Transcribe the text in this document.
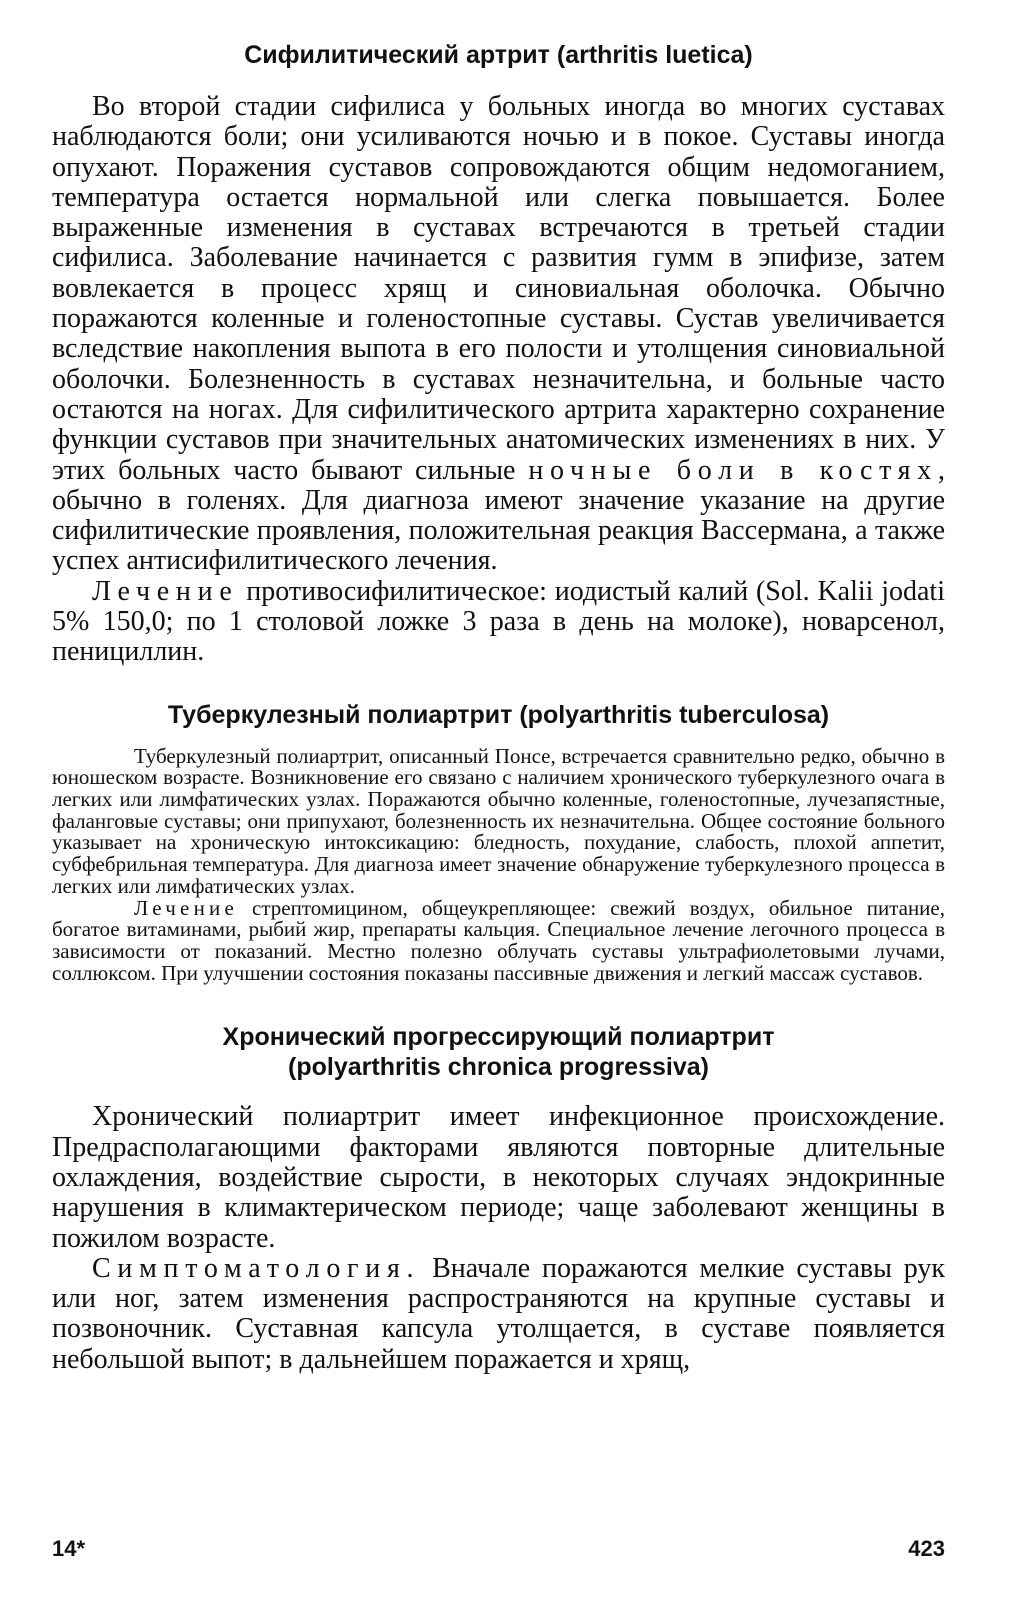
Сифилитический артрит (arthritis luetica)

Во второй стадии сифилиса у больных иногда во многих суставах наблюдаются боли; они усиливаются ночью и в покое. Суставы иногда опухают. Поражения суставов сопровождаются общим недомоганием, температура остается нормальной или слегка повышается. Более выраженные изменения в суставах встречаются в третьей стадии сифилиса. Заболевание начинается с развития гумм в эпифизе, затем вовлекается в процесс хрящ и синовиальная оболочка. Обычно поражаются коленные и голеностопные суставы. Сустав увеличивается вследствие накопления выпота в его полости и утолщения синовиальной оболочки. Болезненность в суставах незначительна, и больные часто остаются на ногах. Для сифилитического артрита характерно сохранение функции суставов при значительных анатомических изменениях в них. У этих больных часто бывают сильные ночные боли в костях, обычно в голенях. Для диагноза имеют значение указание на другие сифилитические проявления, положительная реакция Вассермана, а также успех антисифилитического лечения.

Лечение противосифилитическое: иодистый калий (Sol. Kalii jodati 5% 150,0; по 1 столовой ложке 3 раза в день на молоке), новарсенол, пенициллин.

Туберкулезный полиартрит (polyarthritis tuberculosa)

Туберкулезный полиартрит, описанный Понсе, встречается сравнительно редко, обычно в юношеском возрасте. Возникновение его связано с наличием хронического туберкулезного очага в легких или лимфатических узлах. Поражаются обычно коленные, голеностопные, лучезапястные, фаланговые суставы; они припухают, болезненность их незначительна. Общее состояние больного указывает на хроническую интоксикацию: бледность, похудание, слабость, плохой аппетит, субфебрильная температура. Для диагноза имеет значение обнаружение туберкулезного процесса в легких или лимфатических узлах.

Лечение стрептомицином, общеукрепляющее: свежий воздух, обильное питание, богатое витаминами, рыбий жир, препараты кальция. Специальное лечение легочного процесса в зависимости от показаний. Местно полезно облучать суставы ультрафиолетовыми лучами, соллюксом. При улучшении состояния показаны пассивные движения и легкий массаж суставов.

Хронический прогрессирующий полиартрит
(polyarthritis chronica progressiva)

Хронический полиартрит имеет инфекционное происхождение. Предрасполагающими факторами являются повторные длительные охлаждения, воздействие сырости, в некоторых случаях эндокринные нарушения в климактерическом периоде; чаще заболевают женщины в пожилом возрасте.

Симптоматология. Вначале поражаются мелкие суставы рук или ног, затем изменения распространяются на крупные суставы и позвоночник. Суставная капсула утолщается, в суставе появляется небольшой выпот; в дальнейшем поражается и хрящ,

14*	423
